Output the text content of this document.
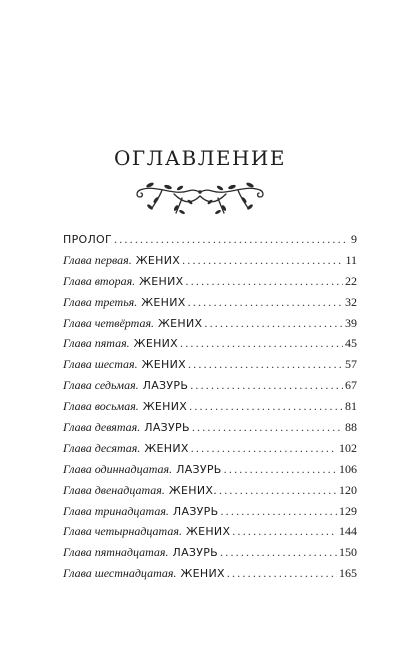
ОГЛАВЛЕНИЕ
ПРОЛОГ .....	9
Глава первая. ЖЕНИХ .....	11
Глава вторая. ЖЕНИХ .....	22
Глава третья. ЖЕНИХ .....	32
Глава четвёртая. ЖЕНИХ .....	39
Глава пятая. ЖЕНИХ .....	45
Глава шестая. ЖЕНИХ .....	57
Глава седьмая. ЛАЗУРЬ .....	67
Глава восьмая. ЖЕНИХ .....	81
Глава девятая. ЛАЗУРЬ .....	88
Глава десятая. ЖЕНИХ .....	102
Глава одиннадцатая. ЛАЗУРЬ .....	106
Глава двенадцатая. ЖЕНИХ. .....	120
Глава тринадцатая. ЛАЗУРЬ .....	129
Глава четырнадцатая. ЖЕНИХ .....	144
Глава пятнадцатая. ЛАЗУРЬ .....	150
Глава шестнадцатая. ЖЕНИХ .....	165
